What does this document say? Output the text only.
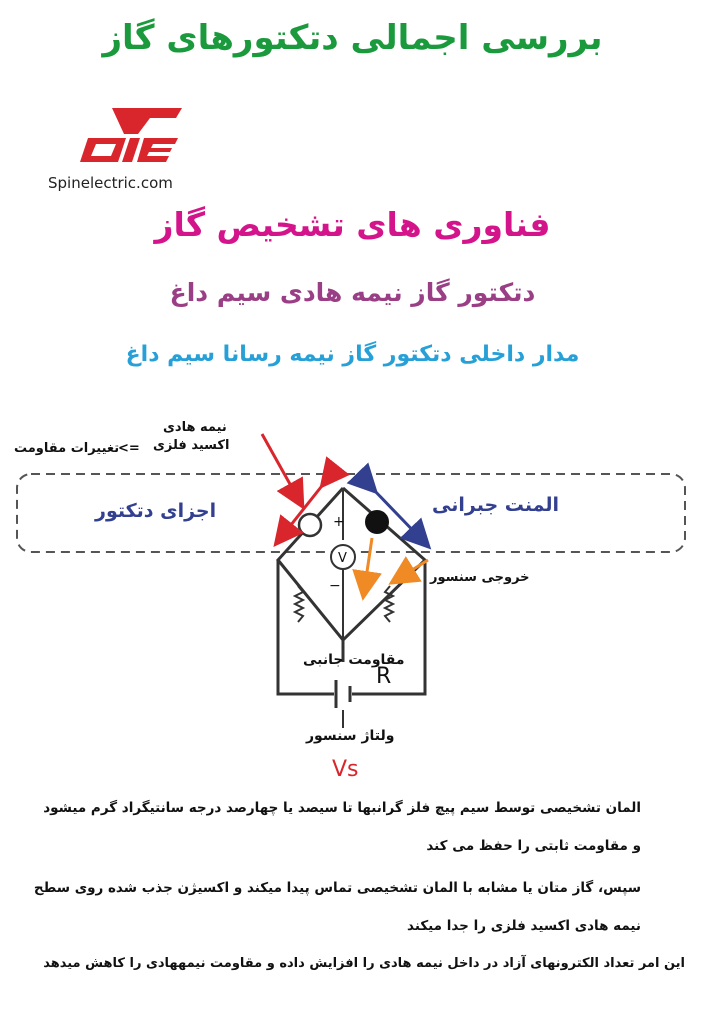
بررسی اجمالی دتکتورهای گاز
Spinelectric.com
فناوری های تشخیص گاز
دتکتور گاز نیمه هادی سیم داغ
مدار داخلی دتکتور گاز نیمه رسانا سیم داغ
+
−
V
نیمه هادی
اکسید فلزی
<=
تغییرات مقاومت
اجزای دتکتور	المنت جبرانی
خروجی سنسور
مقاومت جانبی
R
ولتاژ سنسور
Vs
المان تشخیصی توسط سیم پیچ فلز گرانبها تا سیصد یا چهارصد درجه سانتیگراد گرم میشود
و مقاومت ثابتی را حفظ می کند
سپس، گاز متان یا مشابه با المان تشخیصی تماس پیدا میکند و اکسیژن جذب شده روی سطح
نیمه هادی اکسید فلزی را جدا میکند
این امر تعداد الکترونهای آزاد در داخل نیمه هادی را افزایش داده و مقاومت نیمههادی را کاهش میدهد
